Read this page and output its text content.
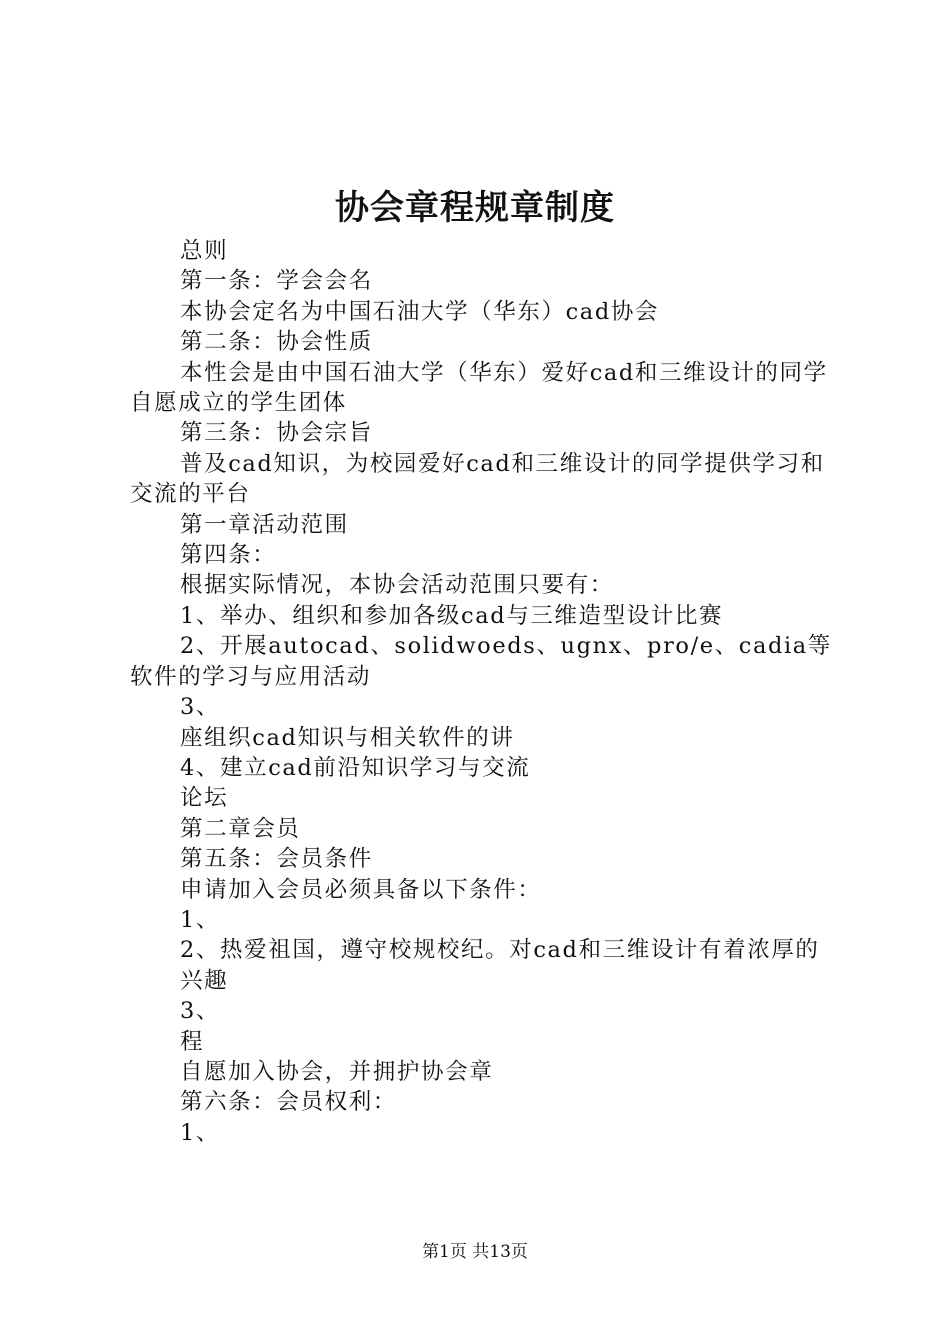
协会章程规章制度
总则
第一条：学会会名
本协会定名为中国石油大学（华东）cad协会
第二条：协会性质
本性会是由中国石油大学（华东）爱好cad和三维设计的同学自愿成立的学生团体
第三条：协会宗旨
普及cad知识，为校园爱好cad和三维设计的同学提供学习和交流的平台
第一章活动范围
第四条：
根据实际情况，本协会活动范围只要有：
1、举办、组织和参加各级cad与三维造型设计比赛
2、开展autocad、solidwoeds、ugnx、pro/e、cadia等软件的学习与应用活动
3、
座组织cad知识与相关软件的讲
4、建立cad前沿知识学习与交流
论坛
第二章会员
第五条：会员条件
申请加入会员必须具备以下条件：
1、
2、热爱祖国，遵守校规校纪。对cad和三维设计有着浓厚的
兴趣
3、
程
自愿加入协会，并拥护协会章
第六条：会员权利：
1、
第1页 共13页
